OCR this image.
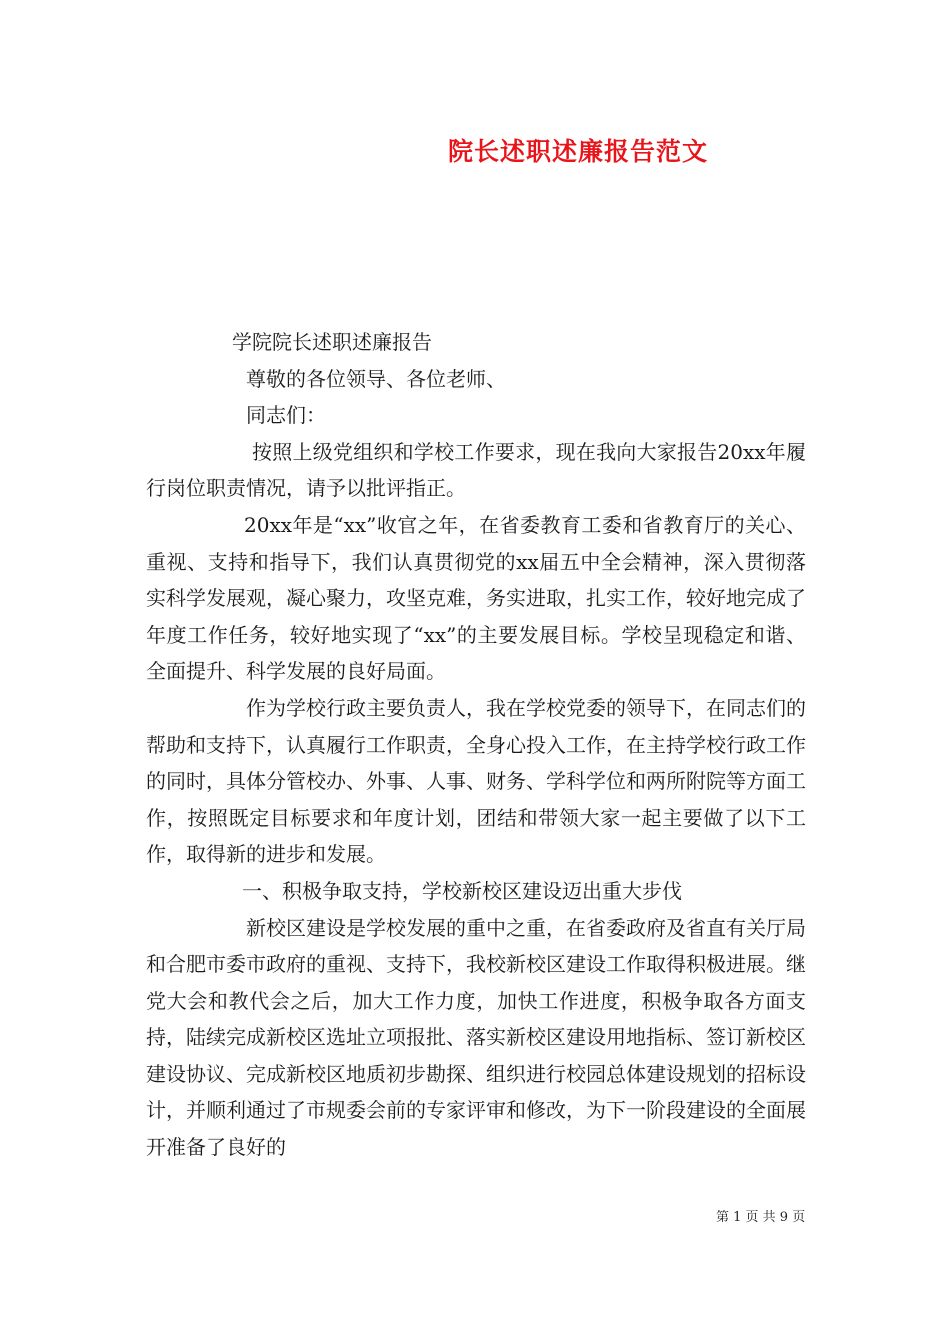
院长述职述廉报告范文

学院院长述职述廉报告

尊敬的各位领导、各位老师、

同志们：

按照上级党组织和学校工作要求，现在我向大家报告20xx年履行岗位职责情况，请予以批评指正。

20xx年是“xx”收官之年，在省委教育工委和省教育厅的关心、重视、支持和指导下，我们认真贯彻党的xx届五中全会精神，深入贯彻落实科学发展观，凝心聚力，攻坚克难，务实进取，扎实工作，较好地完成了年度工作任务，较好地实现了“xx”的主要发展目标。学校呈现稳定和谐、全面提升、科学发展的良好局面。

作为学校行政主要负责人，我在学校党委的领导下，在同志们的帮助和支持下，认真履行工作职责，全身心投入工作，在主持学校行政工作的同时，具体分管校办、外事、人事、财务、学科学位和两所附院等方面工作，按照既定目标要求和年度计划，团结和带领大家一起主要做了以下工作，取得新的进步和发展。

一、积极争取支持，学校新校区建设迈出重大步伐

新校区建设是学校发展的重中之重，在省委政府及省直有关厅局和合肥市委市政府的重视、支持下，我校新校区建设工作取得积极进展。继党大会和教代会之后，加大工作力度，加快工作进度，积极争取各方面支持，陆续完成新校区选址立项报批、落实新校区建设用地指标、签订新校区建设协议、完成新校区地质初步勘探、组织进行校园总体建设规划的招标设计，并顺利通过了市规委会前的专家评审和修改，为下一阶段建设的全面展开准备了良好的

第 1 页 共 9 页
